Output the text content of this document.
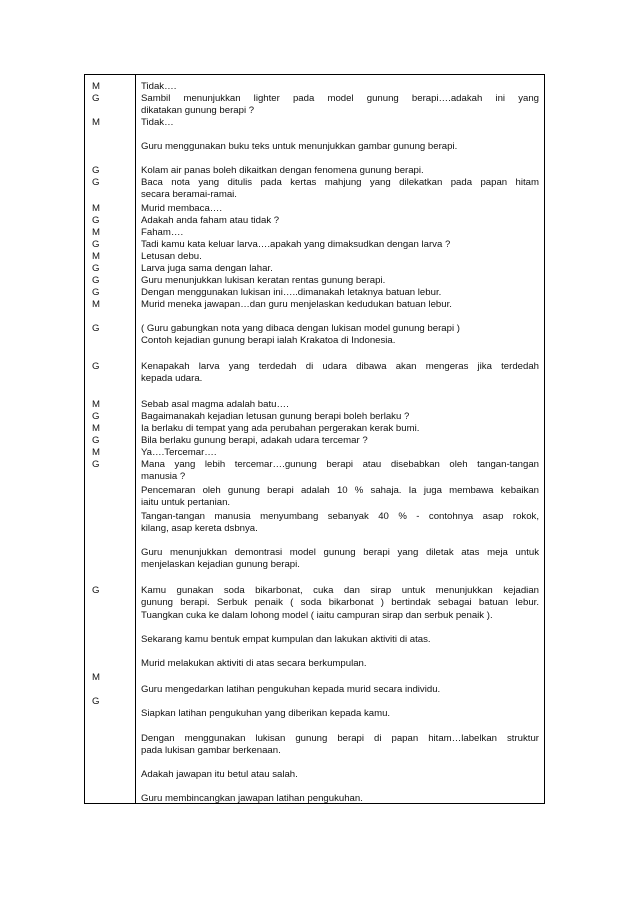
M
G
M
G
G
M
G
M
G
M
G
G
G
M
G
G
M
G
M
G
M
G
G
M
G
Tidak….
Sambil menunjukkan lighter pada model gunung berapi….adakah ini yang
dikatakan gunung berapi ?
Tidak…
Guru menggunakan buku teks untuk menunjukkan gambar gunung berapi.
Kolam air panas boleh dikaitkan dengan fenomena gunung berapi.
Baca nota yang ditulis pada kertas mahjung yang dilekatkan pada papan hitam
secara beramai-ramai.
Murid membaca….
Adakah anda faham atau tidak ?
Faham….
Tadi kamu kata keluar larva….apakah yang dimaksudkan dengan larva ?
Letusan debu.
Larva juga sama dengan lahar.
Guru menunjukkan lukisan keratan rentas gunung berapi.
Dengan menggunakan lukisan ini…..dimanakah letaknya batuan lebur.
Murid meneka jawapan…dan guru menjelaskan kedudukan batuan lebur.
( Guru gabungkan nota yang dibaca dengan lukisan model gunung berapi )
Contoh kejadian gunung berapi ialah Krakatoa di Indonesia.
Kenapakah larva yang terdedah di udara dibawa akan mengeras jika terdedah
kepada udara.
Sebab asal magma adalah batu….
Bagaimanakah kejadian letusan gunung berapi boleh berlaku ?
Ia berlaku di tempat yang ada perubahan pergerakan kerak bumi.
Bila berlaku gunung berapi, adakah udara tercemar ?
Ya….Tercemar….
Mana yang lebih tercemar….gunung berapi atau disebabkan oleh tangan-tangan
manusia ?
Pencemaran oleh gunung berapi adalah 10 % sahaja. Ia juga membawa kebaikan
iaitu untuk pertanian.
Tangan-tangan manusia menyumbang sebanyak 40 % - contohnya asap rokok,
kilang, asap kereta dsbnya.
Guru menunjukkan demontrasi model gunung berapi yang diletak atas meja untuk
menjelaskan kejadian gunung berapi.
Kamu gunakan soda bikarbonat, cuka dan sirap untuk menunjukkan kejadian
gunung berapi. Serbuk penaik ( soda bikarbonat ) bertindak sebagai batuan lebur.
Tuangkan cuka ke dalam lohong model ( iaitu campuran sirap dan serbuk penaik ).
Sekarang kamu bentuk empat kumpulan dan lakukan aktiviti di atas.
Murid melakukan aktiviti di atas secara berkumpulan.
Guru mengedarkan latihan pengukuhan kepada murid secara individu.
Siapkan latihan pengukuhan yang diberikan kepada kamu.
Dengan menggunakan lukisan gunung berapi di papan hitam…labelkan struktur
pada lukisan gambar berkenaan.
Adakah jawapan itu betul atau salah.
Guru membincangkan jawapan latihan pengukuhan.
